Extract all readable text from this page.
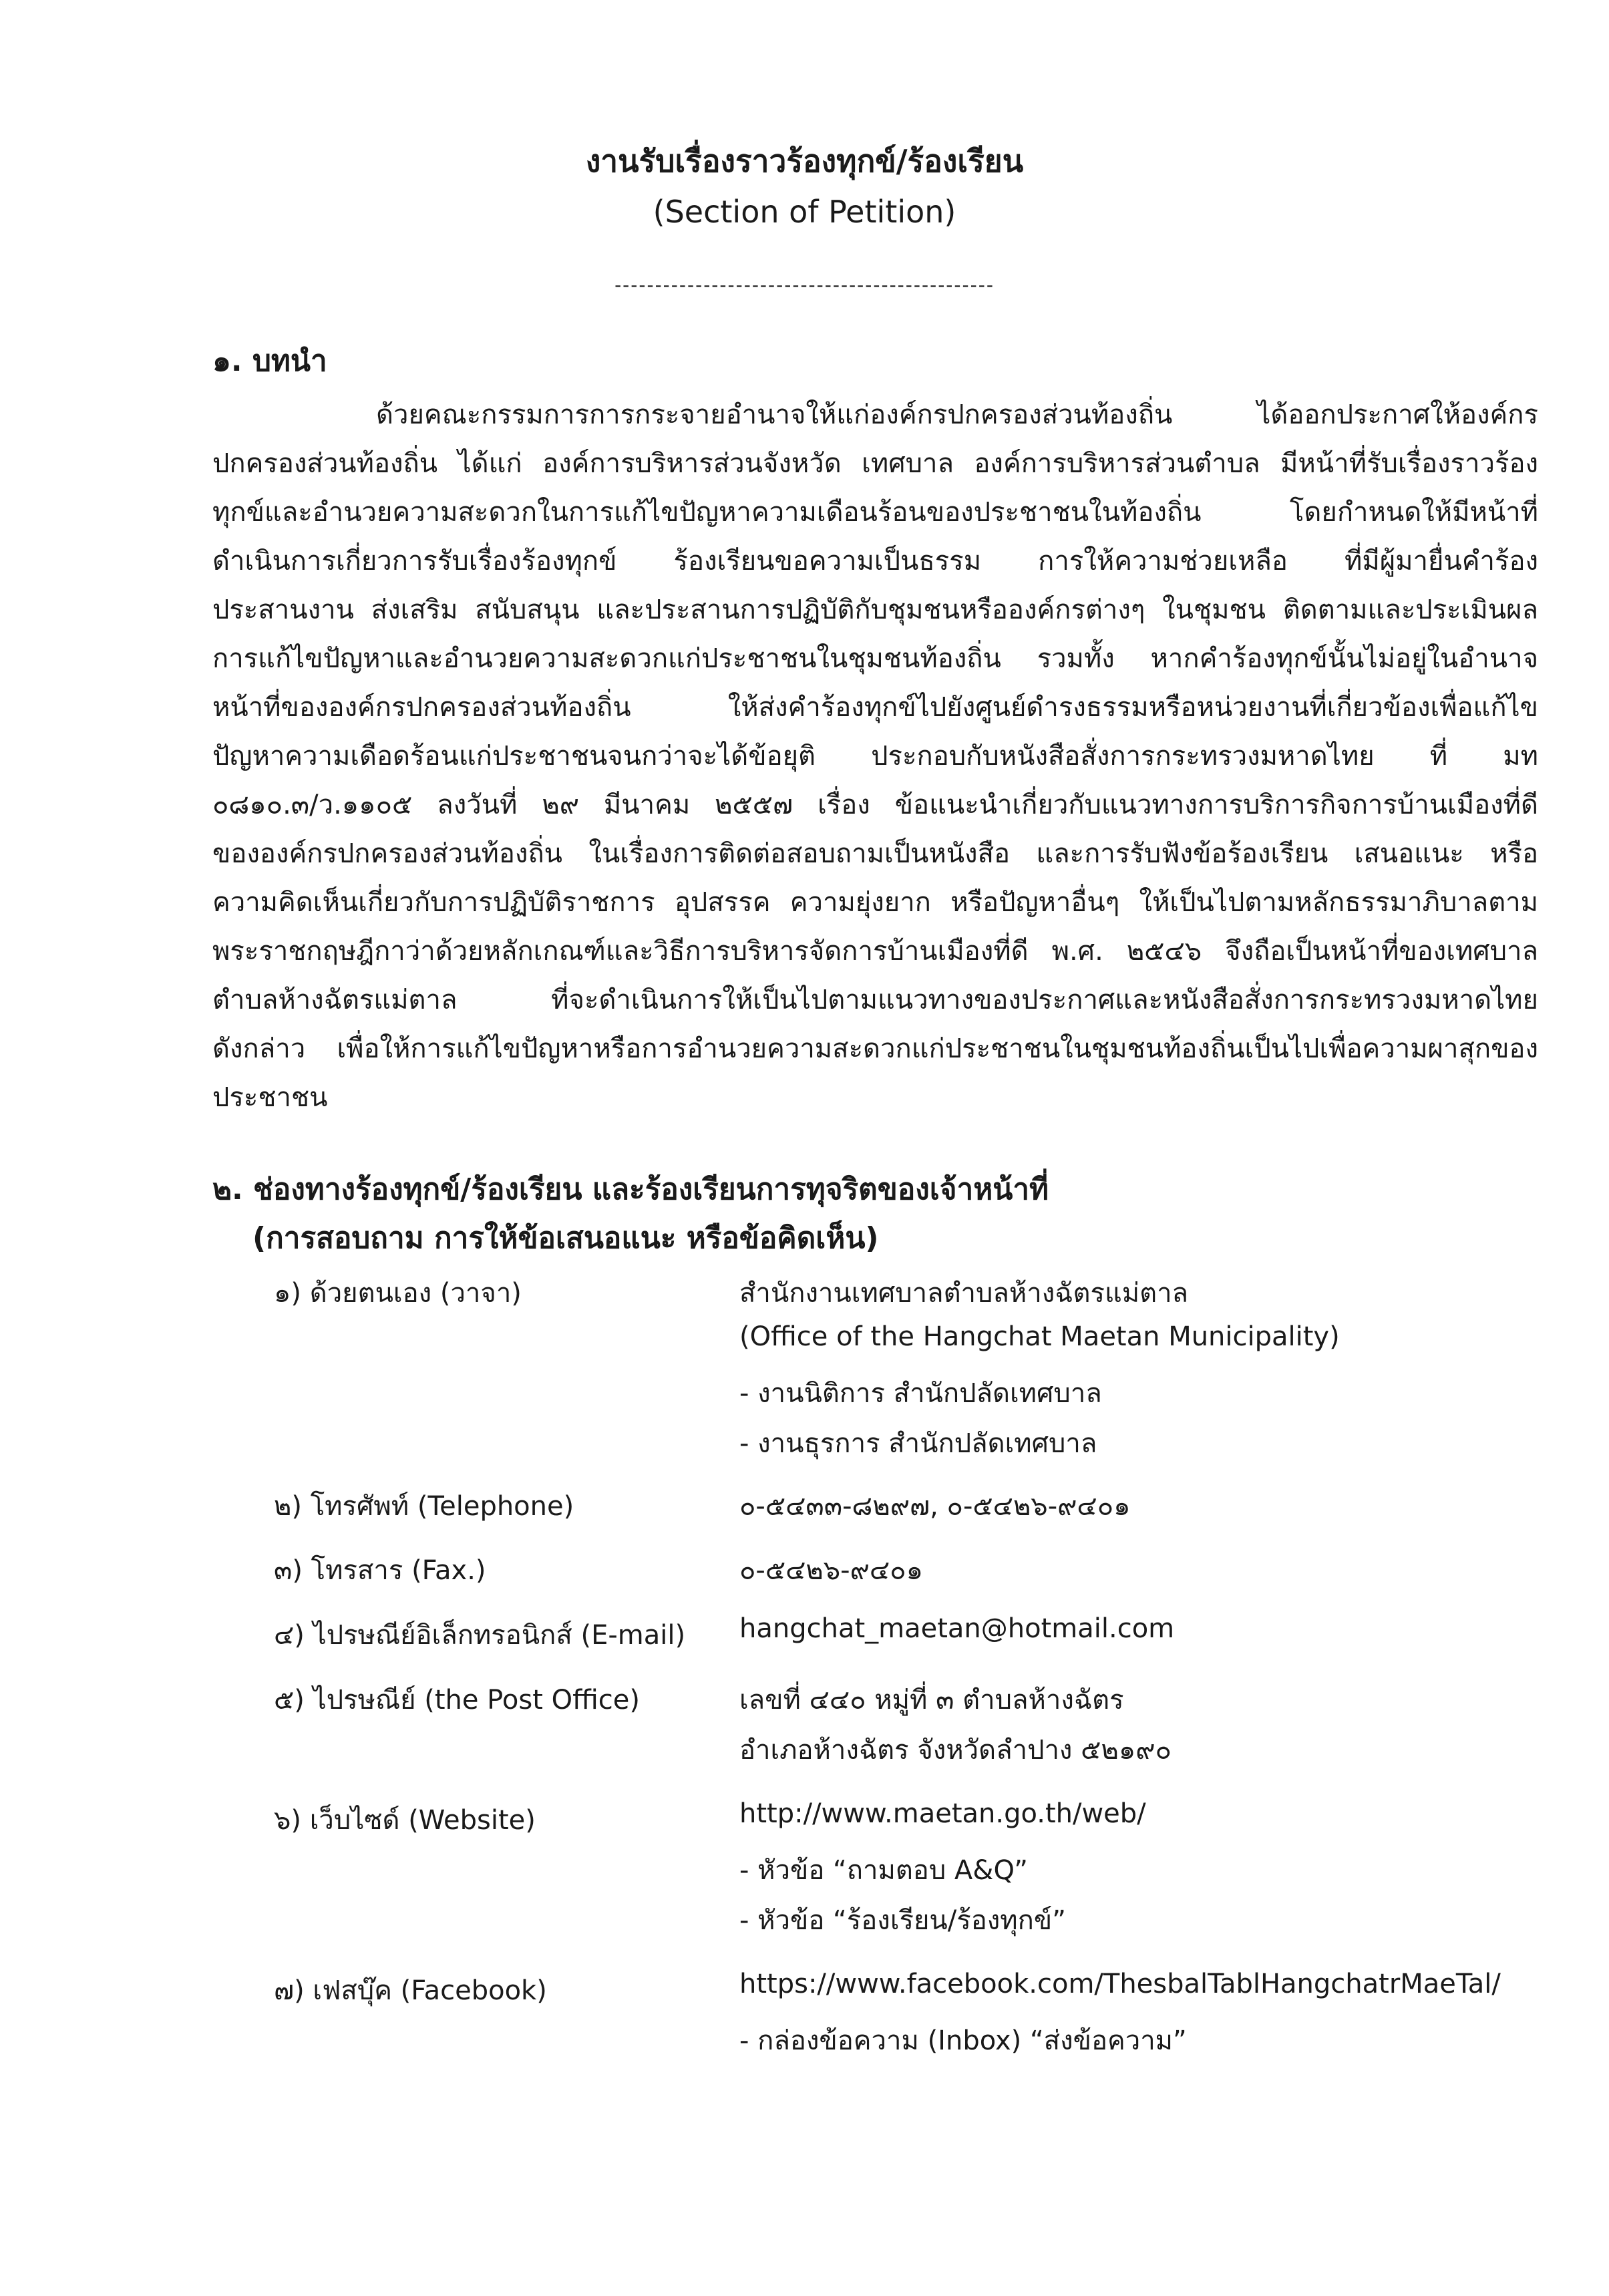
งานรับเรื่องราวร้องทุกข์/ร้องเรียน
(Section of Petition)
-----------------------------------------------
๑. บทนำ
ด้วยคณะกรรมการการกระจายอำนาจให้แก่องค์กรปกครองส่วนท้องถิ่น ได้ออกประกาศให้องค์กร
ปกครองส่วนท้องถิ่น ได้แก่ องค์การบริหารส่วนจังหวัด เทศบาล องค์การบริหารส่วนตำบล มีหน้าที่รับเรื่องราวร้อง
ทุกข์และอำนวยความสะดวกในการแก้ไขปัญหาความเดือนร้อนของประชาชนในท้องถิ่น โดยกำหนดให้มีหน้าที่
ดำเนินการเกี่ยวการรับเรื่องร้องทุกข์ ร้องเรียนขอความเป็นธรรม การให้ความช่วยเหลือ ที่มีผู้มายื่นคำร้อง
ประสานงาน ส่งเสริม สนับสนุน และประสานการปฏิบัติกับชุมชนหรือองค์กรต่างๆ ในชุมชน ติดตามและประเมินผล
การแก้ไขปัญหาและอำนวยความสะดวกแก่ประชาชนในชุมชนท้องถิ่น รวมทั้ง หากคำร้องทุกข์นั้นไม่อยู่ในอำนาจ
หน้าที่ขององค์กรปกครองส่วนท้องถิ่น ให้ส่งคำร้องทุกข์ไปยังศูนย์ดำรงธรรมหรือหน่วยงานที่เกี่ยวข้องเพื่อแก้ไข
ปัญหาความเดือดร้อนแก่ประชาชนจนกว่าจะได้ข้อยุติ ประกอบกับหนังสือสั่งการกระทรวงมหาดไทย ที่ มท
๐๘๑๐.๓/ว.๑๑๐๕ ลงวันที่ ๒๙ มีนาคม ๒๕๕๗ เรื่อง ข้อแนะนำเกี่ยวกับแนวทางการบริการกิจการบ้านเมืองที่ดี
ขององค์กรปกครองส่วนท้องถิ่น ในเรื่องการติดต่อสอบถามเป็นหนังสือ และการรับฟังข้อร้องเรียน เสนอแนะ หรือ
ความคิดเห็นเกี่ยวกับการปฏิบัติราชการ อุปสรรค ความยุ่งยาก หรือปัญหาอื่นๆ ให้เป็นไปตามหลักธรรมาภิบาลตาม
พระราชกฤษฎีกาว่าด้วยหลักเกณฑ์และวิธีการบริหารจัดการบ้านเมืองที่ดี พ.ศ. ๒๕๔๖ จึงถือเป็นหน้าที่ของเทศบาล
ตำบลห้างฉัตรแม่ตาล ที่จะดำเนินการให้เป็นไปตามแนวทางของประกาศและหนังสือสั่งการกระทรวงมหาดไทย
ดังกล่าว เพื่อให้การแก้ไขปัญหาหรือการอำนวยความสะดวกแก่ประชาชนในชุมชนท้องถิ่นเป็นไปเพื่อความผาสุกของ
ประชาชน
๒. ช่องทางร้องทุกข์/ร้องเรียน และร้องเรียนการทุจริตของเจ้าหน้าที่
(การสอบถาม การให้ข้อเสนอแนะ หรือข้อคิดเห็น)
๑) ด้วยตนเอง (วาจา)	สำนักงานเทศบาลตำบลห้างฉัตรแม่ตาล
(Office of the Hangchat Maetan Municipality)
- งานนิติการ สำนักปลัดเทศบาล
- งานธุรการ สำนักปลัดเทศบาล
๒) โทรศัพท์ (Telephone)	๐-๕๔๓๓-๘๒๙๗, ๐-๕๔๒๖-๙๔๐๑
๓) โทรสาร (Fax.)	๐-๕๔๒๖-๙๔๐๑
๔) ไปรษณีย์อิเล็กทรอนิกส์ (E-mail) hangchat_maetan@hotmail.com
๕) ไปรษณีย์ (the Post Office)	เลขที่ ๔๔๐ หมู่ที่ ๓ ตำบลห้างฉัตร
อำเภอห้างฉัตร จังหวัดลำปาง ๕๒๑๙๐
๖) เว็บไซด์ (Website)	http://www.maetan.go.th/web/
- หัวข้อ “ถามตอบ A&Q”
- หัวข้อ “ร้องเรียน/ร้องทุกข์”
๗) เฟสบุ๊ค (Facebook)	https://www.facebook.com/ThesbalTablHangchatrMaeTal/
- กล่องข้อความ (Inbox) “ส่งข้อความ”
